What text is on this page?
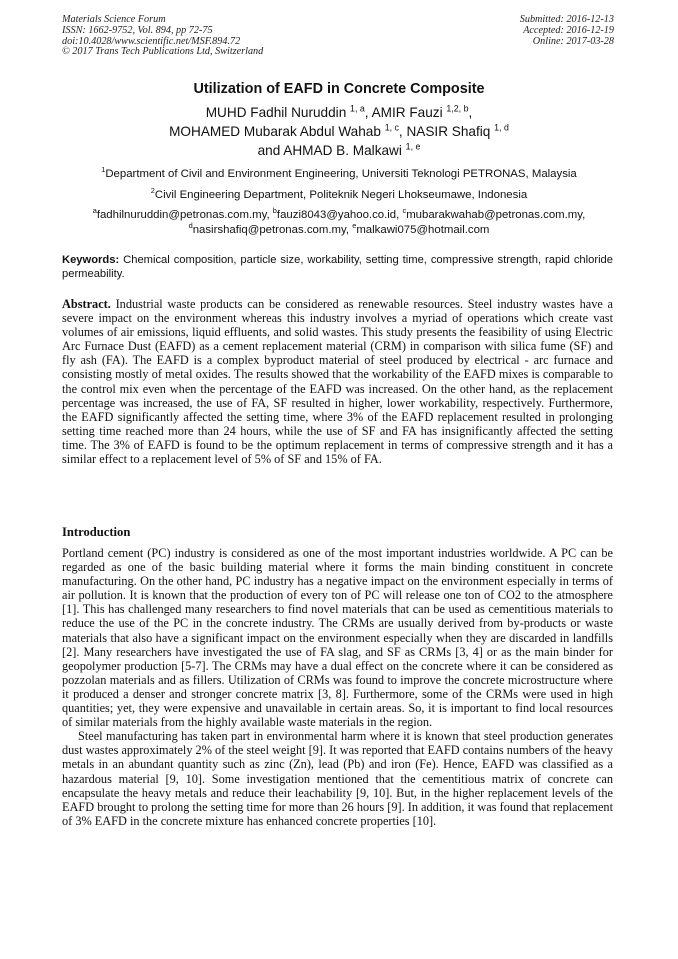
Materials Science Forum
ISSN: 1662-9752, Vol. 894, pp 72-75
doi:10.4028/www.scientific.net/MSF.894.72
© 2017 Trans Tech Publications Ltd, Switzerland
Submitted: 2016-12-13
Accepted: 2016-12-19
Online: 2017-03-28
Utilization of EAFD in Concrete Composite
MUHD Fadhil Nuruddin $^{1, a}$, AMIR Fauzi $^{1,2, b}$,
MOHAMED Mubarak Abdul Wahab $^{1, c}$, NASIR Shafiq $^{1, d}$
and AHMAD B. Malkawi $^{1, e}$
$^1$Department of Civil and Environment Engineering, Universiti Teknologi PETRONAS, Malaysia
$^2$Civil Engineering Department, Politeknik Negeri Lhokseumawe, Indonesia
$^a$fadhilnuruddin@petronas.com.my, $^b$fauzi8043@yahoo.co.id, $^c$mubarakwahab@petronas.com.my,
$^d$nasirshafiq@petronas.com.my, $^e$malkawi075@hotmail.com
Keywords: Chemical composition, particle size, workability, setting time, compressive strength, rapid chloride permeability.
Abstract. Industrial waste products can be considered as renewable resources. Steel industry wastes have a severe impact on the environment whereas this industry involves a myriad of operations which create vast volumes of air emissions, liquid effluents, and solid wastes. This study presents the feasibility of using Electric Arc Furnace Dust (EAFD) as a cement replacement material (CRM) in comparison with silica fume (SF) and fly ash (FA). The EAFD is a complex byproduct material of steel produced by electrical - arc furnace and consisting mostly of metal oxides. The results showed that the workability of the EAFD mixes is comparable to the control mix even when the percentage of the EAFD was increased. On the other hand, as the replacement percentage was increased, the use of FA, SF resulted in higher, lower workability, respectively. Furthermore, the EAFD significantly affected the setting time, where 3% of the EAFD replacement resulted in prolonging setting time reached more than 24 hours, while the use of SF and FA has insignificantly affected the setting time. The 3% of EAFD is found to be the optimum replacement in terms of compressive strength and it has a similar effect to a replacement level of 5% of SF and 15% of FA.
Introduction

Portland cement (PC) industry is considered as one of the most important industries worldwide. A PC can be regarded as one of the basic building material where it forms the main binding constituent in concrete manufacturing. On the other hand, PC industry has a negative impact on the environment especially in terms of air pollution. It is known that the production of every ton of PC will release one ton of CO2 to the atmosphere [1]. This has challenged many researchers to find novel materials that can be used as cementitious materials to reduce the use of the PC in the concrete industry. The CRMs are usually derived from by-products or waste materials that also have a significant impact on the environment especially when they are discarded in landfills [2]. Many researchers have investigated the use of FA slag, and SF as CRMs [3, 4] or as the main binder for geopolymer production [5-7]. The CRMs may have a dual effect on the concrete where it can be considered as pozzolan materials and as fillers. Utilization of CRMs was found to improve the concrete microstructure where it produced a denser and stronger concrete matrix [3, 8]. Furthermore, some of the CRMs were used in high quantities; yet, they were expensive and unavailable in certain areas. So, it is important to find local resources of similar materials from the highly available waste materials in the region.

Steel manufacturing has taken part in environmental harm where it is known that steel production generates dust wastes approximately 2% of the steel weight [9]. It was reported that EAFD contains numbers of the heavy metals in an abundant quantity such as zinc (Zn), lead (Pb) and iron (Fe). Hence, EAFD was classified as a hazardous material [9, 10]. Some investigation mentioned that the cementitious matrix of concrete can encapsulate the heavy metals and reduce their leachability [9, 10]. But, in the higher replacement levels of the EAFD brought to prolong the setting time for more than 26 hours [9]. In addition, it was found that replacement of 3% EAFD in the concrete mixture has enhanced concrete properties [10].
